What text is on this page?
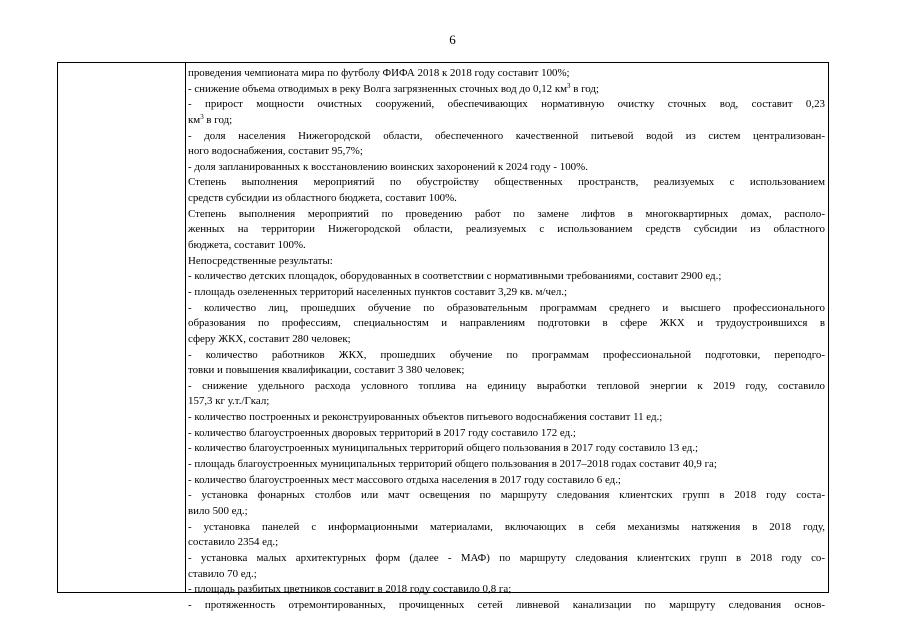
6
проведения чемпионата мира по футболу ФИФА 2018 к 2018 году составит 100%;
- снижение объема отводимых в реку Волга загрязненных сточных вод до 0,12 $км^3$ в год;
- прирост мощности очистных сооружений, обеспечивающих нормативную очистку сточных вод, составит 0,23
$км^3$ в год;
- доля населения Нижегородской области, обеспеченного качественной питьевой водой из систем централизован-
ного водоснабжения, составит 95,7%;
- доля запланированных к восстановлению воинских захоронений к 2024 году - 100%.
Степень выполнения мероприятий по обустройству общественных пространств, реализуемых с использованием
средств субсидии из областного бюджета, составит 100%.
Степень выполнения мероприятий по проведению работ по замене лифтов в многоквартирных домах, располо-
женных на территории Нижегородской области, реализуемых с использованием средств субсидии из областного
бюджета, составит 100%.
Непосредственные результаты:
- количество детских площадок, оборудованных в соответствии с нормативными требованиями, составит 2900 ед.;
- площадь озелененных территорий населенных пунктов составит 3,29 кв. м/чел.;
- количество лиц, прошедших обучение по образовательным программам среднего и высшего профессионального
образования по профессиям, специальностям и направлениям подготовки в сфере ЖКХ и трудоустроившихся в
сферу ЖКХ, составит 280 человек;
- количество работников ЖКХ, прошедших обучение по программам профессиональной подготовки, переподго-
товки и повышения квалификации, составит 3 380 человек;
- снижение удельного расхода условного топлива на единицу выработки тепловой энергии к 2019 году, составило
157,3 кг у.т./Гкал;
- количество построенных и реконструированных объектов питьевого водоснабжения составит 11 ед.;
- количество благоустроенных дворовых территорий в 2017 году составило 172 ед.;
- количество благоустроенных муниципальных территорий общего пользования в 2017 году составило 13 ед.;
- площадь благоустроенных муниципальных территорий общего пользования в 2017–2018 годах составит 40,9 га;
- количество благоустроенных мест массового отдыха населения в 2017 году составило 6 ед.;
- установка фонарных столбов или мачт освещения по маршруту следования клиентских групп в 2018 году соста-
вило 500 ед.;
- установка панелей с информационными материалами, включающих в себя механизмы натяжения в 2018 году,
составило 2354 ед.;
- установка малых архитектурных форм (далее - МАФ) по маршруту следования клиентских групп в 2018 году со-
ставило 70 ед.;
- площадь разбитых цветников составит в 2018 году составило 0,8 га;
- протяженность отремонтированных, прочищенных сетей ливневой канализации по маршруту следования основ-
